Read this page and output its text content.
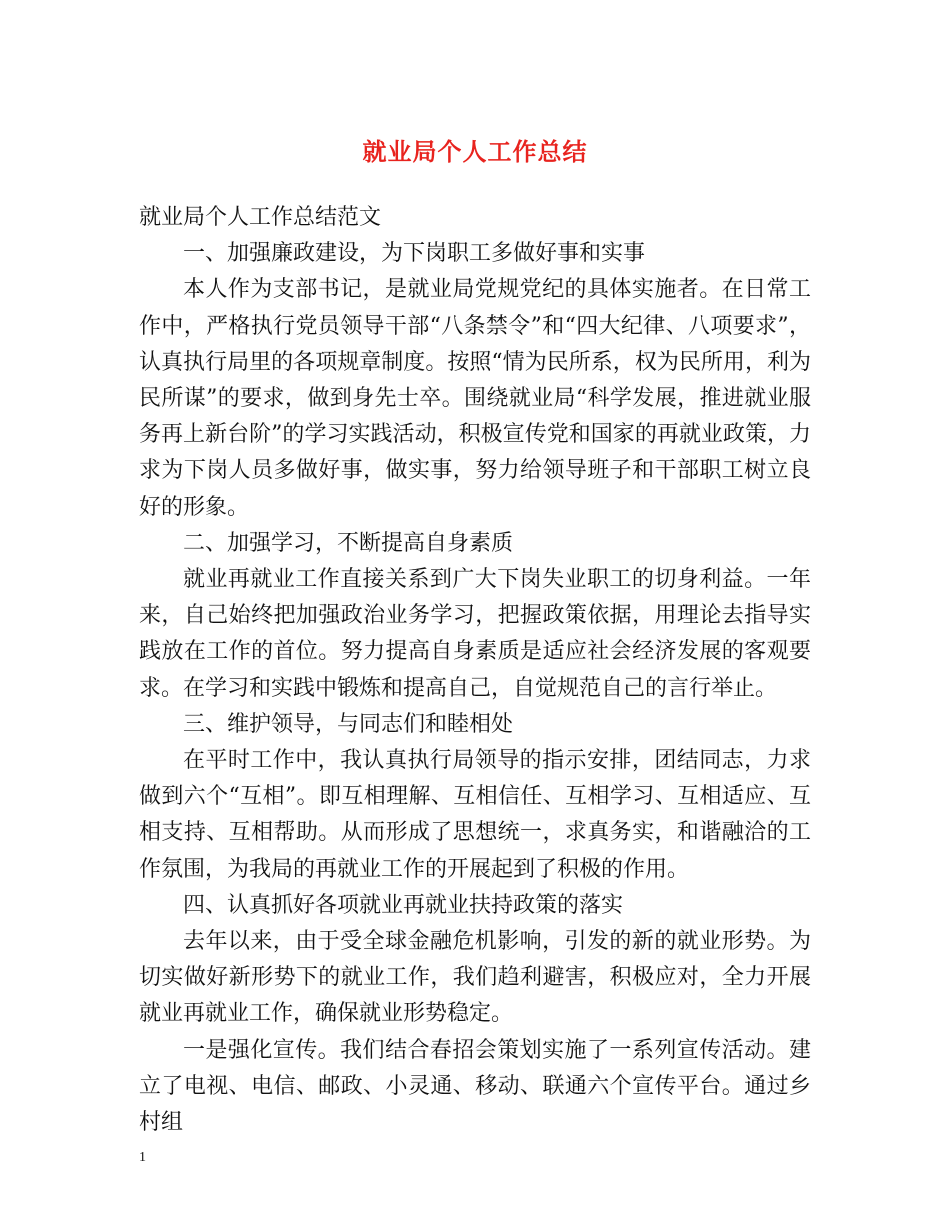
就业局个人工作总结

就业局个人工作总结范文

一、加强廉政建设，为下岗职工多做好事和实事

本人作为支部书记，是就业局党规党纪的具体实施者。在日常工作中，严格执行党员领导干部“八条禁令”和“四大纪律、八项要求”，认真执行局里的各项规章制度。按照“情为民所系，权为民所用，利为民所谋”的要求，做到身先士卒。围绕就业局“科学发展，推进就业服务再上新台阶”的学习实践活动，积极宣传党和国家的再就业政策，力求为下岗人员多做好事，做实事，努力给领导班子和干部职工树立良好的形象。

二、加强学习，不断提高自身素质

就业再就业工作直接关系到广大下岗失业职工的切身利益。一年来，自己始终把加强政治业务学习，把握政策依据，用理论去指导实践放在工作的首位。努力提高自身素质是适应社会经济发展的客观要求。在学习和实践中锻炼和提高自己，自觉规范自己的言行举止。

三、维护领导，与同志们和睦相处

在平时工作中，我认真执行局领导的指示安排，团结同志，力求做到六个“互相”。即互相理解、互相信任、互相学习、互相适应、互相支持、互相帮助。从而形成了思想统一，求真务实，和谐融洽的工作氛围，为我局的再就业工作的开展起到了积极的作用。

四、认真抓好各项就业再就业扶持政策的落实

去年以来，由于受全球金融危机影响，引发的新的就业形势。为切实做好新形势下的就业工作，我们趋利避害，积极应对，全力开展就业再就业工作，确保就业形势稳定。

一是强化宣传。我们结合春招会策划实施了一系列宣传活动。建立了电视、电信、邮政、小灵通、移动、联通六个宣传平台。通过乡村组

1
